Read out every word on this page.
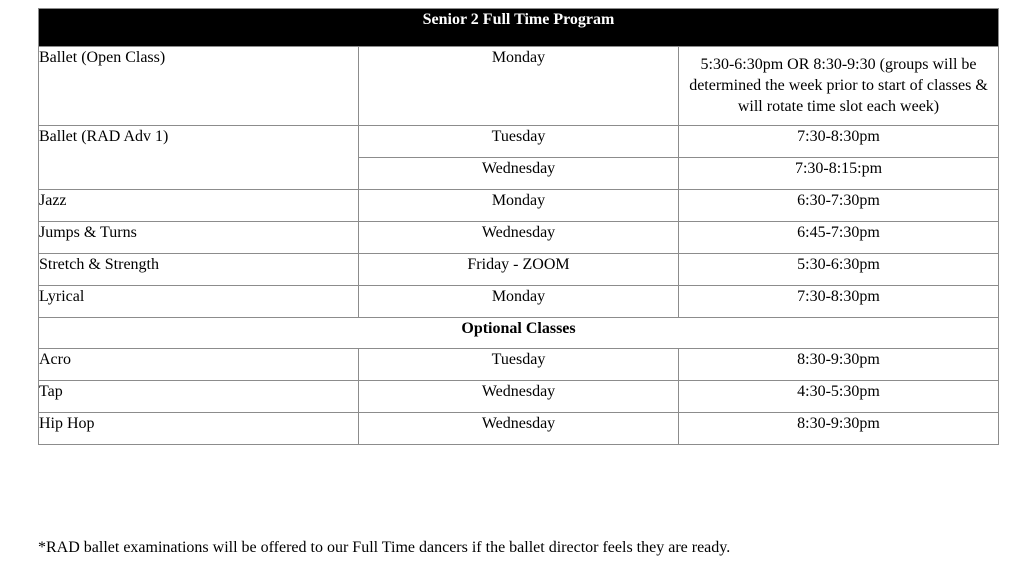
Senior 2 Full Time Program		
Ballet (Open Class)	Monday	5:30-6:30pm OR 8:30-9:30 (groups will be determined the week prior to start of classes & will rotate time slot each week)
Ballet (RAD Adv 1)	Tuesday	7:30-8:30pm
	Wednesday	7:30-8:15:pm
Jazz	Monday	6:30-7:30pm
Jumps & Turns	Wednesday	6:45-7:30pm
Stretch & Strength	Friday - ZOOM	5:30-6:30pm
Lyrical	Monday	7:30-8:30pm
Optional Classes		
Acro	Tuesday	8:30-9:30pm
Tap	Wednesday	4:30-5:30pm
Hip Hop	Wednesday	8:30-9:30pm

*RAD ballet examinations will be offered to our Full Time dancers if the ballet director feels they are ready.
